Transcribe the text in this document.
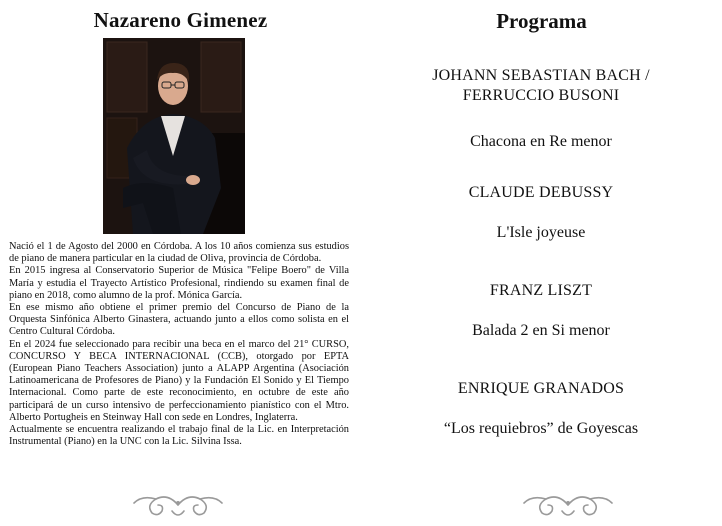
Nazareno Gimenez

Nació el 1 de Agosto del 2000 en Córdoba. A los 10 años comienza sus estudios de piano de manera particular en la ciudad de Oliva, provincia de Córdoba.

En 2015 ingresa al Conservatorio Superior de Música "Felipe Boero" de Villa María y estudia el Trayecto Artístico Profesional, rindiendo su examen final de piano en 2018, como alumno de la prof. Mónica García.

En ese mismo año obtiene el primer premio del Concurso de Piano de la Orquesta Sinfónica Alberto Ginastera, actuando junto a ellos como solista en el Centro Cultural Córdoba.

En el 2024 fue seleccionado para recibir una beca en el marco del 21° CURSO, CONCURSO Y BECA INTERNACIONAL (CCB), otorgado por EPTA (European Piano Teachers Association) junto a ALAPP Argentina (Asociación Latinoamericana de Profesores de Piano) y la Fundación El Sonido y El Tiempo Internacional. Como parte de este reconocimiento, en octubre de este año participará de un curso intensivo de perfeccionamiento pianístico con el Mtro. Alberto Portugheis en Steinway Hall con sede en Londres, Inglaterra.

Actualmente se encuentra realizando el trabajo final de la Lic. en Interpretación Instrumental (Piano) en la UNC con la Lic. Silvina Issa.

Programa
JOHANN SEBASTIAN BACH /
FERRUCCIO BUSONI
Chacona en Re menor
CLAUDE DEBUSSY
L'Isle joyeuse
FRANZ LISZT
Balada 2 en Si menor
ENRIQUE GRANADOS
“Los requiebros” de Goyescas
